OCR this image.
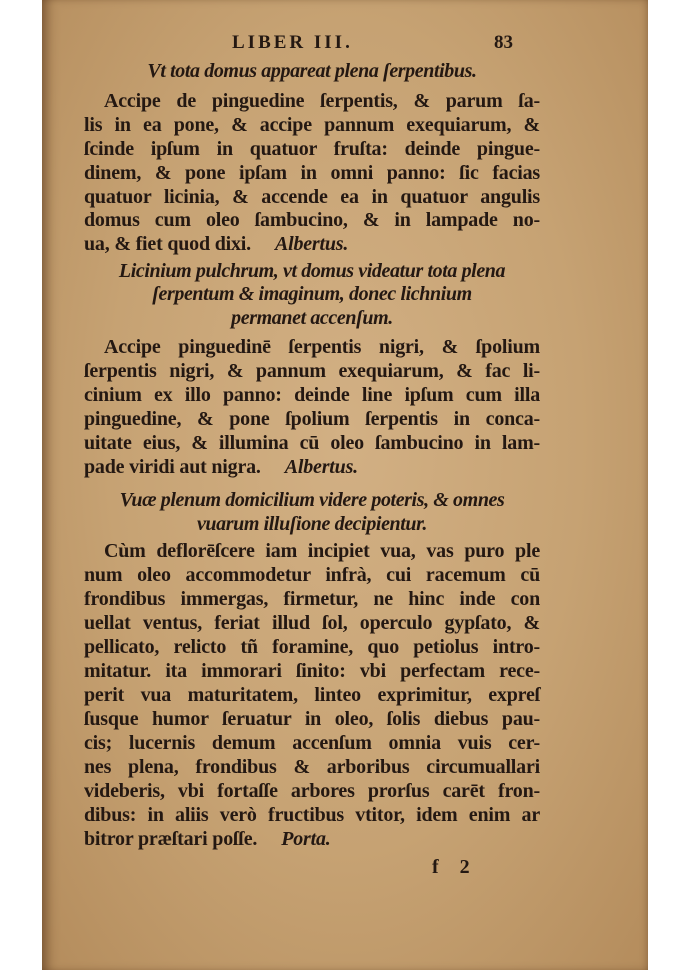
LIBER III.	83
Vt tota domus appareat plena ſerpentibus.
Accipe de pinguedine ſerpentis, & parum ſa-
lis in ea pone, & accipe pannum exequiarum, &
ſcinde ipſum in quatuor fruſta: deinde pingue-
dinem, & pone ipſam in omni panno: ſic facias
quatuor licinia, & accende ea in quatuor angulis
domus cum oleo ſambucino, & in lampade no-
ua, & fiet quod dixi. Albertus.
Licinium pulchrum, vt domus videatur tota plena
ſerpentum & imaginum, donec lichnium
permanet accenſum.
Accipe pinguedinē ſerpentis nigri, & ſpolium
ſerpentis nigri, & pannum exequiarum, & fac li-
cinium ex illo panno: deinde line ipſum cum illa
pinguedine, & pone ſpolium ſerpentis in conca-
uitate eius, & illumina cū oleo ſambucino in lam-
pade viridi aut nigra. Albertus.
Vuæ plenum domicilium videre poteris, & omnes
vuarum illuſione decipientur.
Cùm deflorēſcere iam incipiet vua, vas puro ple
num oleo accommodetur infrà, cui racemum cū
frondibus immergas, firmetur, ne hinc inde con
uellat ventus, feriat illud ſol, operculo gypſato, &
pellicato, relicto tñ foramine, quo petiolus intro-
mitatur. ita immorari ſinito: vbi perfectam rece-
perit vua maturitatem, linteo exprimitur, expreſ
ſusque humor ſeruatur in oleo, ſolis diebus pau-
cis; lucernis demum accenſum omnia vuis cer-
nes plena, frondibus & arboribus circumuallari
videberis, vbi fortaſſe arbores prorſus carēt fron-
dibus: in aliis verò fructibus vtitor, idem enim ar
bitror præſtari poſſe. Porta.
f 2
